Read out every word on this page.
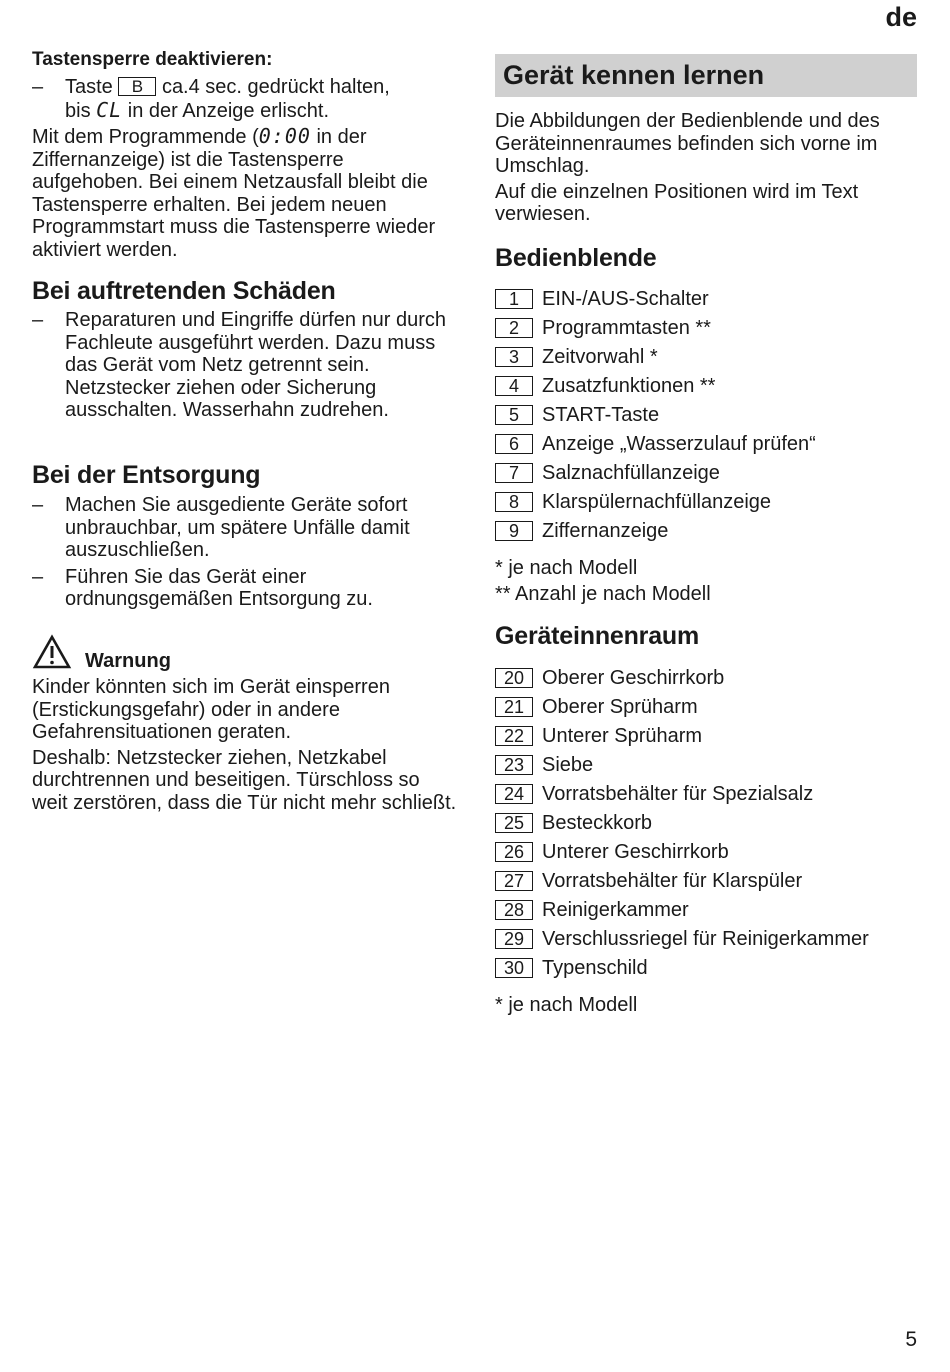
de
Tastensperre deaktivieren:
– Taste B ca.4 sec. gedrückt halten,
bis CL in der Anzeige erlischt.

Mit dem Programmende (0:00 in der Ziffernanzeige) ist die Tastensperre aufgehoben. Bei einem Netzausfall bleibt die Tastensperre erhalten. Bei jedem neuen Programmstart muss die Tastensperre wieder aktiviert werden.

Bei auftretenden Schäden
– Reparaturen und Eingriffe dürfen nur durch Fachleute ausgeführt werden. Dazu muss das Gerät vom Netz getrennt sein. Netzstecker ziehen oder Sicherung ausschalten. Wasserhahn zudrehen.
Bei der Entsorgung
– Machen Sie ausgediente Geräte sofort unbrauchbar, um spätere Unfälle damit auszuschließen.
– Führen Sie das Gerät einer ordnungsgemäßen Entsorgung zu.
Warnung

Kinder könnten sich im Gerät einsperren (Erstickungsgefahr) oder in andere Gefahrensituationen geraten.

Deshalb: Netzstecker ziehen, Netzkabel durchtrennen und beseitigen. Türschloss so weit zerstören, dass die Tür nicht mehr schließt.

Gerät kennen lernen

Die Abbildungen der Bedienblende und des Geräteinnenraumes befinden sich vorne im Umschlag.

Auf die einzelnen Positionen wird im Text verwiesen.

Bedienblende
1	EIN-/AUS-Schalter
2	Programmtasten **
3	Zeitvorwahl *
4	Zusatzfunktionen **
5	START-Taste
6	Anzeige „Wasserzulauf prüfen“
7	Salznachfüllanzeige
8	Klarspülernachfüllanzeige
9	Ziffernanzeige

* je nach Modell

** Anzahl je nach Modell

Geräteinnenraum
20 Oberer Geschirrkorb
21 Oberer Sprüharm
22 Unterer Sprüharm
23 Siebe
24 Vorratsbehälter für Spezialsalz
25 Besteckkorb
26 Unterer Geschirrkorb
27 Vorratsbehälter für Klarspüler
28 Reinigerkammer
29 Verschlussriegel für Reinigerkammer
30 Typenschild

* je nach Modell

5
